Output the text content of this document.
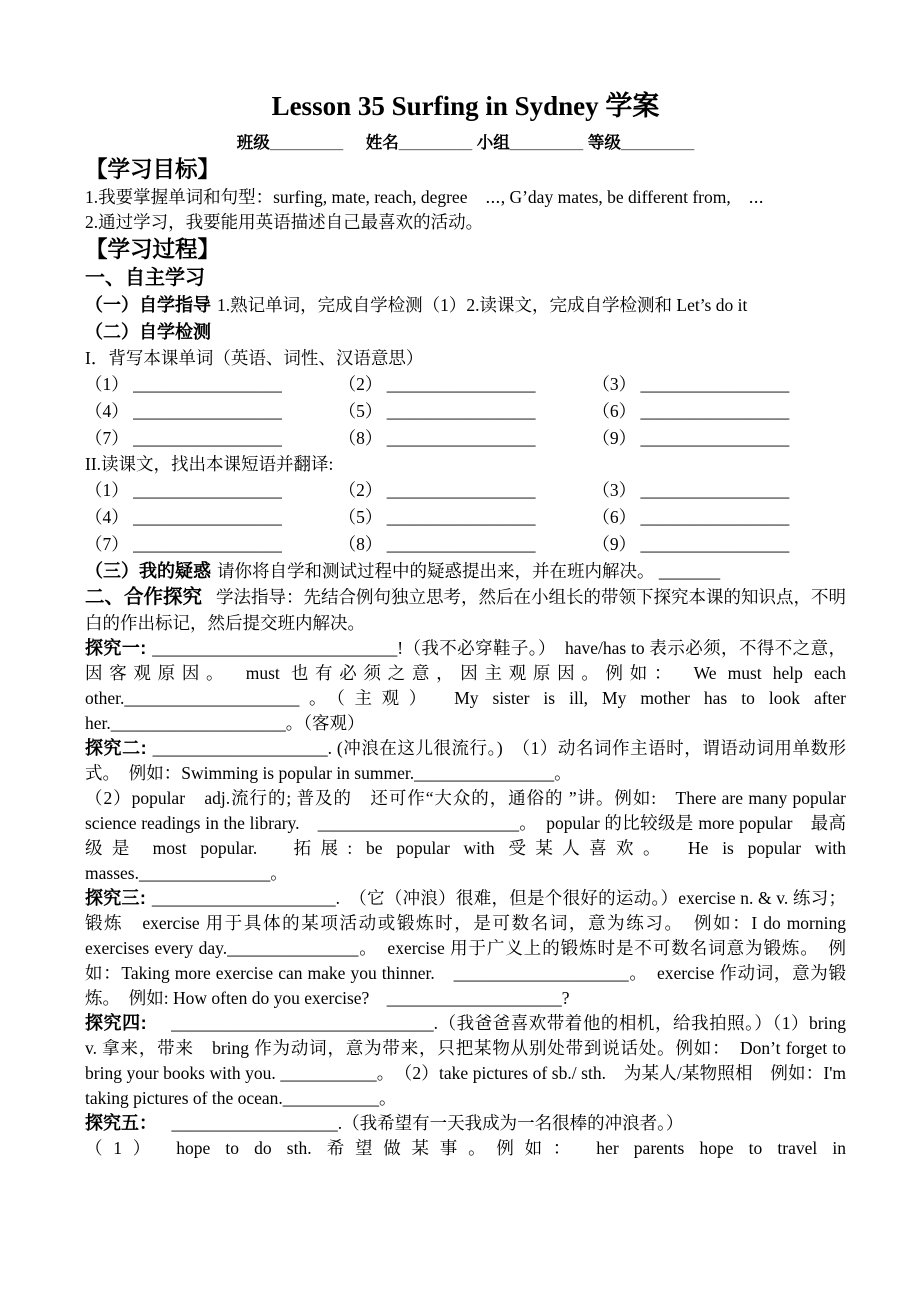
Lesson 35 Surfing in Sydney 学案
班级________ 姓名________ 小组________ 等级________
【学习目标】

1.我要掌握单词和句型：surfing, mate, reach, degree　⋯, G’day mates, be different from,　⋯

2.通过学习，我要能用英语描述自己最喜欢的活动。

【学习过程】
一、自主学习

（一）自学指导 1.熟记单词，完成自学检测（1）2.读课文，完成自学检测和 Let’s do it

（二）自学检测

I．背写本课单词（英语、词性、汉语意思）

（1） _________________	（2） _________________	（3） _________________
（4） _________________	（5） _________________	（6） _________________
（7） _________________	（8） _________________	（9） _________________

II.读课文，找出本课短语并翻译:

（1） _________________	（2） _________________	（3） _________________
（4） _________________	（5） _________________	（6） _________________
（7） _________________	（8） _________________	（9） _________________

（三）我的疑惑 请你将自学和测试过程中的疑惑提出来，并在班内解决。 _______

二、合作探究 学法指导：先结合例句独立思考，然后在小组长的带领下探究本课的知识点，不明白的作出标记，然后提交班内解决。

探究一: ____________________________!（我不必穿鞋子。）　have/has to 表示必须，不得不之意，因客观原因。　must 也有必须之意，因主观原因。例如：　We must help each other.____________________。（主观）　My sister is ill, My mother has to look after her.____________________。（客观）

探究二: ____________________. (冲浪在这儿很流行。)　（1）动名词作主语时，谓语动词用单数形式。　例如：Swimming is popular in summer.________________。

（2）popular　adj.流行的; 普及的　还可作“大众的，通俗的 ”讲。例如:　There are many popular science readings in the library.　_______________________。　popular 的比较级是 more popular　最高级是 most popular.　拓展: be popular with 受某人喜欢。　He is popular with masses._______________。

探究三: _____________________.　（它（冲浪）很难，但是个很好的运动。）exercise n. & v. 练习；锻炼　exercise 用于具体的某项活动或锻炼时，是可数名词，意为练习。　例如：I do morning exercises every day._______________。　exercise 用于广义上的锻炼时是不可数名词意为锻炼。　例如：Taking more exercise can make you thinner.　____________________。　exercise 作动词，意为锻炼。　例如: How often do you exercise?　____________________?

探究四:　______________________________.（我爸爸喜欢带着他的相机，给我拍照。）（1）bring v. 拿来，带来　bring 作为动词，意为带来，只把某物从别处带到说话处。例如：　Don’t forget to bring your books with you. ___________。　（2）take pictures of sb./ sth.　为某人/某物照相　例如：I'm taking pictures of the ocean.___________。

探究五：　___________________.（我希望有一天我成为一名很棒的冲浪者。）

（1） hope to do sth. 希望做某事。例如： her parents hope to travel in
